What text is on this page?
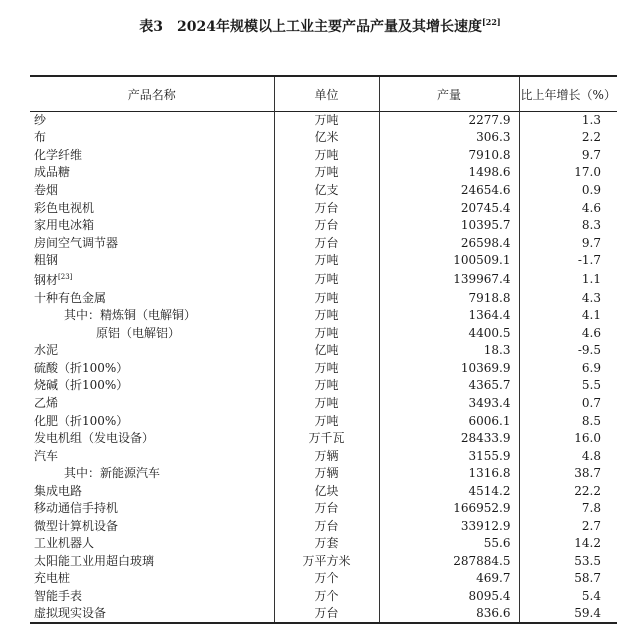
表3 2024年规模以上工业主要产品产量及其增长速度[22]
产品名称	单位	产量	比上年增长（%）
纱	万吨	2277.9	1.3
布	亿米	306.3	2.2
化学纤维	万吨	7910.8	9.7
成品糖	万吨	1498.6	17.0
卷烟	亿支	24654.6	0.9
彩色电视机	万台	20745.4	4.6
家用电冰箱	万台	10395.7	8.3
房间空气调节器	万台	26598.4	9.7
粗钢	万吨	100509.1	-1.7
钢材[23]	万吨	139967.4	1.1
十种有色金属	万吨	7918.8	4.3
其中：精炼铜（电解铜）	万吨	1364.4	4.1
原铝（电解铝）	万吨	4400.5	4.6
水泥	亿吨	18.3	-9.5
硫酸（折100%）	万吨	10369.9	6.9
烧碱（折100%）	万吨	4365.7	5.5
乙烯	万吨	3493.4	0.7
化肥（折100%）	万吨	6006.1	8.5
发电机组（发电设备）	万千瓦	28433.9	16.0
汽车	万辆	3155.9	4.8
其中：新能源汽车	万辆	1316.8	38.7
集成电路	亿块	4514.2	22.2
移动通信手持机	万台	166952.9	7.8
微型计算机设备	万台	33912.9	2.7
工业机器人	万套	55.6	14.2
太阳能工业用超白玻璃	万平方米	287884.5	53.5
充电桩	万个	469.7	58.7
智能手表	万个	8095.4	5.4
虚拟现实设备	万台	836.6	59.4
